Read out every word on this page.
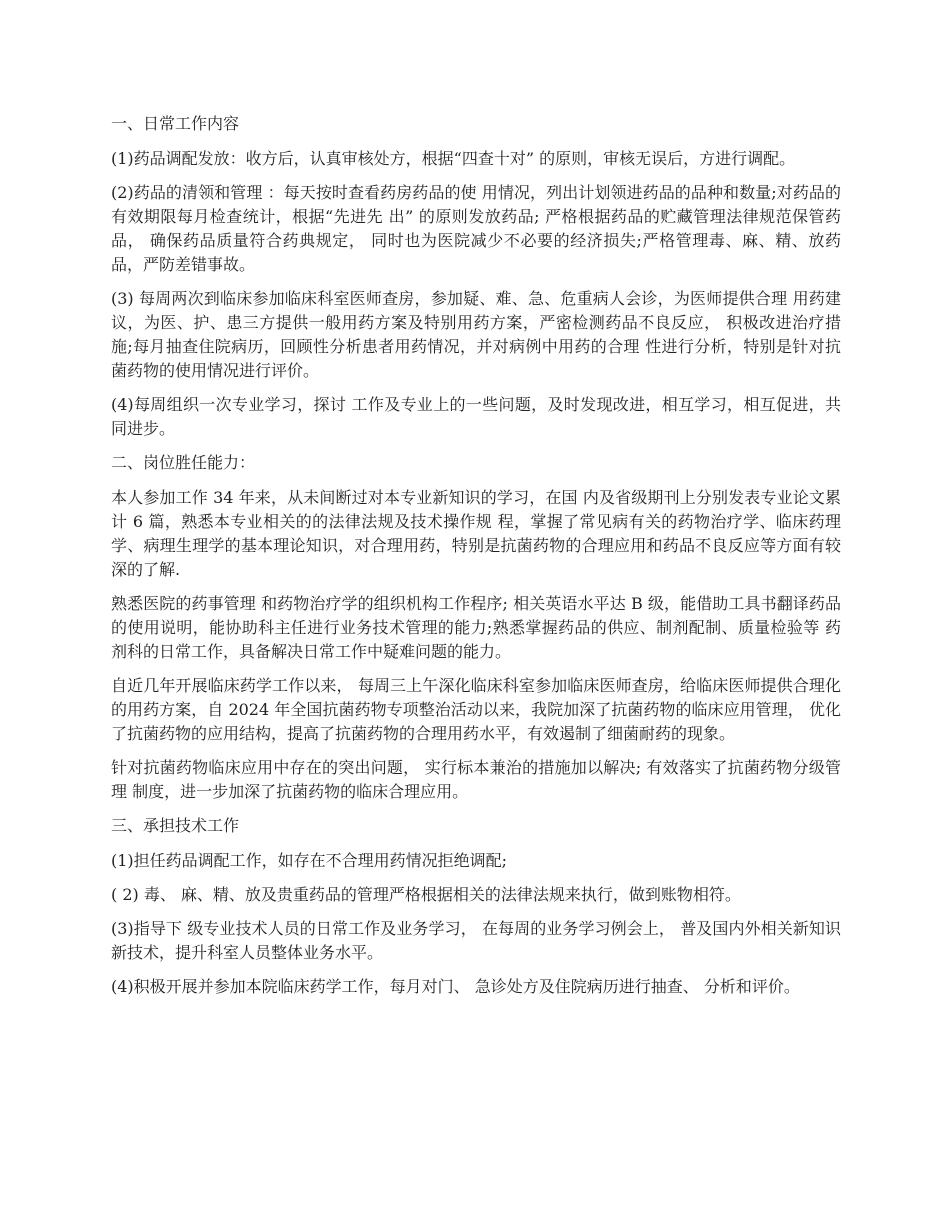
一、日常工作内容

(1)药品调配发放：收方后，认真审核处方，根据“四查十对” 的原则，审核无误后，方进行调配。

(2)药品的清领和管理 ：每天按时查看药房药品的使 用情况，列出计划领进药品的品种和数量;对药品的有效期限每月检查统计，根据“先进先 出” 的原则发放药品; 严格根据药品的贮藏管理法律规范保管药品， 确保药品质量符合药典规定， 同时也为医院减少不必要的经济损失;严格管理毒、麻、精、放药品，严防差错事故。

(3) 每周两次到临床参加临床科室医师查房，参加疑、难、急、危重病人会诊，为医师提供合理 用药建议，为医、护、患三方提供一般用药方案及特别用药方案，严密检测药品不良反应， 积极改进治疗措施;每月抽查住院病历，回顾性分析患者用药情况，并对病例中用药的合理 性进行分析，特别是针对抗菌药物的使用情况进行评价。

(4)每周组织一次专业学习，探讨 工作及专业上的一些问题，及时发现改进，相互学习，相互促进，共同进步。

二、岗位胜任能力：

本人参加工作 34 年来，从未间断过对本专业新知识的学习，在国 内及省级期刊上分别发表专业论文累计 6 篇，熟悉本专业相关的的法律法规及技术操作规 程，掌握了常见病有关的药物治疗学、临床药理学、病理生理学的基本理论知识，对合理用药，特别是抗菌药物的合理应用和药品不良反应等方面有较深的了解.

熟悉医院的药事管理 和药物治疗学的组织机构工作程序; 相关英语水平达 B 级，能借助工具书翻译药品的使用说明，能协助科主任进行业务技术管理的能力;熟悉掌握药品的供应、制剂配制、质量检验等 药剂科的日常工作，具备解决日常工作中疑难问题的能力。

自近几年开展临床药学工作以来， 每周三上午深化临床科室参加临床医师查房，给临床医师提供合理化的用药方案，自 2024 年全国抗菌药物专项整治活动以来，我院加深了抗菌药物的临床应用管理， 优化了抗菌药物的应用结构，提高了抗菌药物的合理用药水平，有效遏制了细菌耐药的现象。

针对抗菌药物临床应用中存在的突出问题， 实行标本兼治的措施加以解决; 有效落实了抗菌药物分级管理 制度，进一步加深了抗菌药物的临床合理应用。

三、承担技术工作

(1)担任药品调配工作，如存在不合理用药情况拒绝调配;

( 2) 毒、 麻、精、放及贵重药品的管理严格根据相关的法律法规来执行，做到账物相符。

(3)指导下 级专业技术人员的日常工作及业务学习， 在每周的业务学习例会上， 普及国内外相关新知识 新技术，提升科室人员整体业务水平。

(4)积极开展并参加本院临床药学工作，每月对门、 急诊处方及住院病历进行抽查、 分析和评价。
